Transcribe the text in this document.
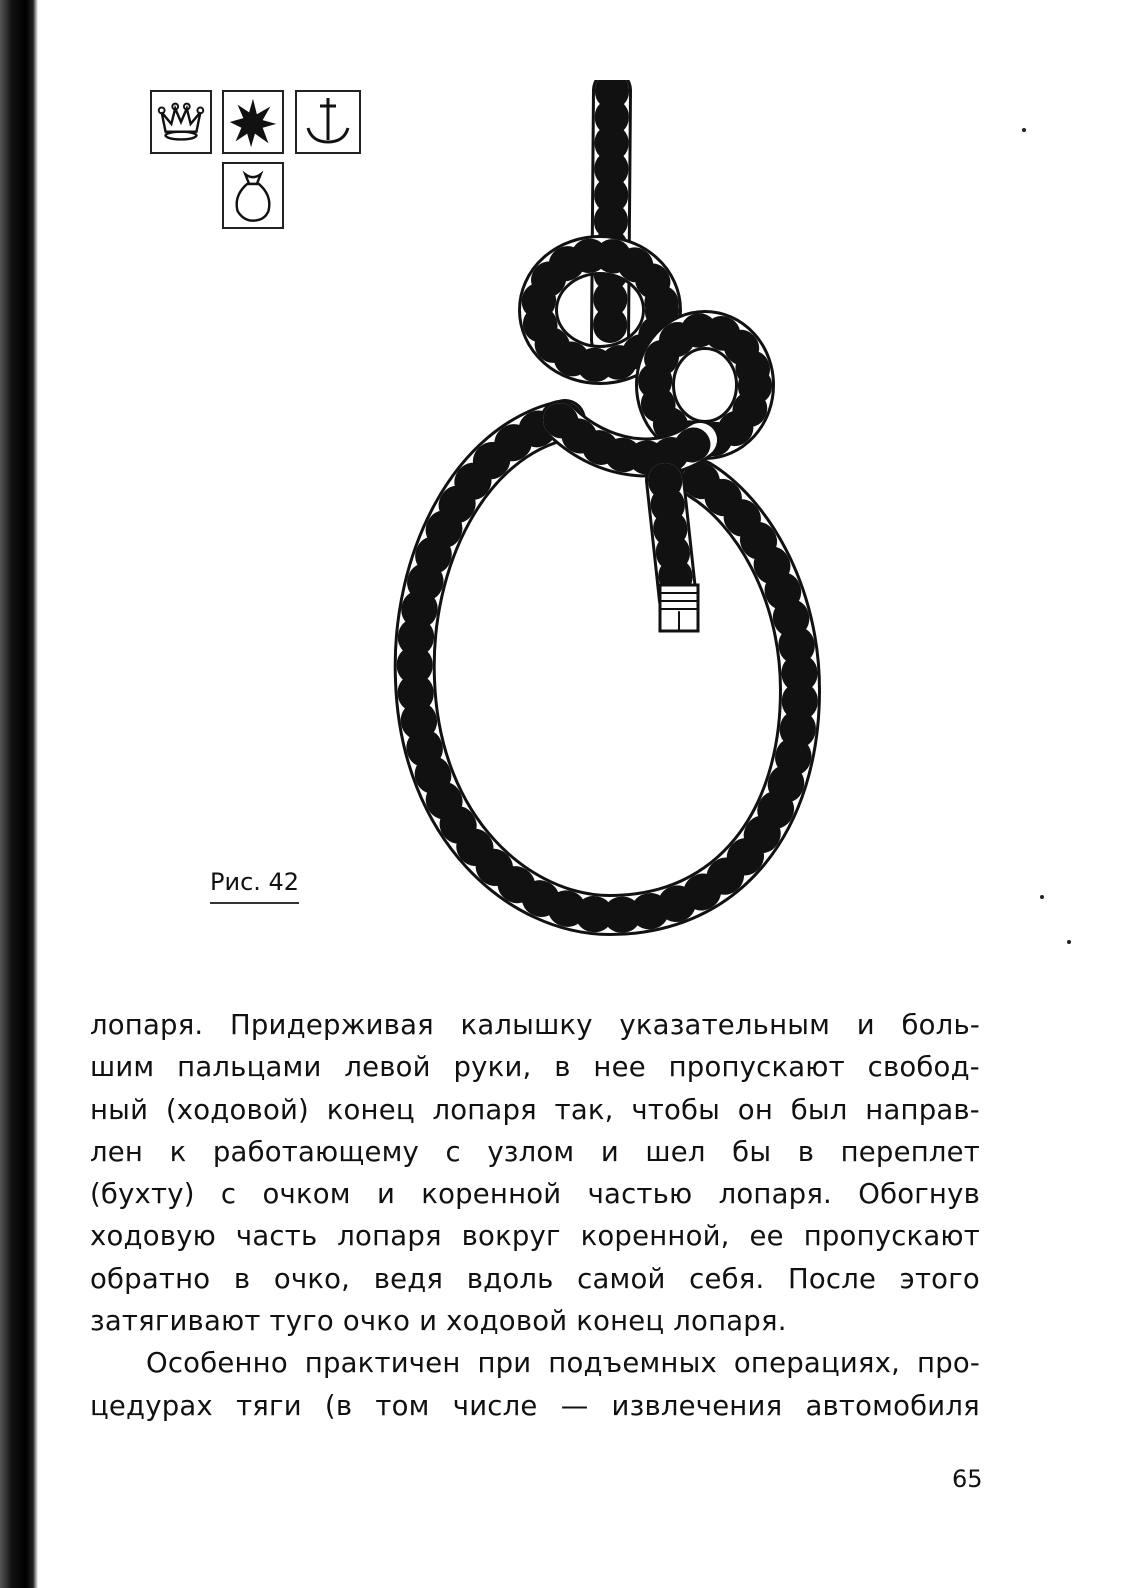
Рис. 42
лопаря. Придерживая калышку указательным и боль-
шим пальцами левой руки, в нее пропускают свобод-
ный (ходовой) конец лопаря так, чтобы он был направ-
лен к работающему с узлом и шел бы в переплет
(бухту) с очком и коренной частью лопаря. Обогнув
ходовую часть лопаря вокруг коренной, ее пропускают
обратно в очко, ведя вдоль самой себя. После этого
затягивают туго очко и ходовой конец лопаря.
Особенно практичен при подъемных операциях, про-
цедурах тяги (в том числе — извлечения автомобиля
65
